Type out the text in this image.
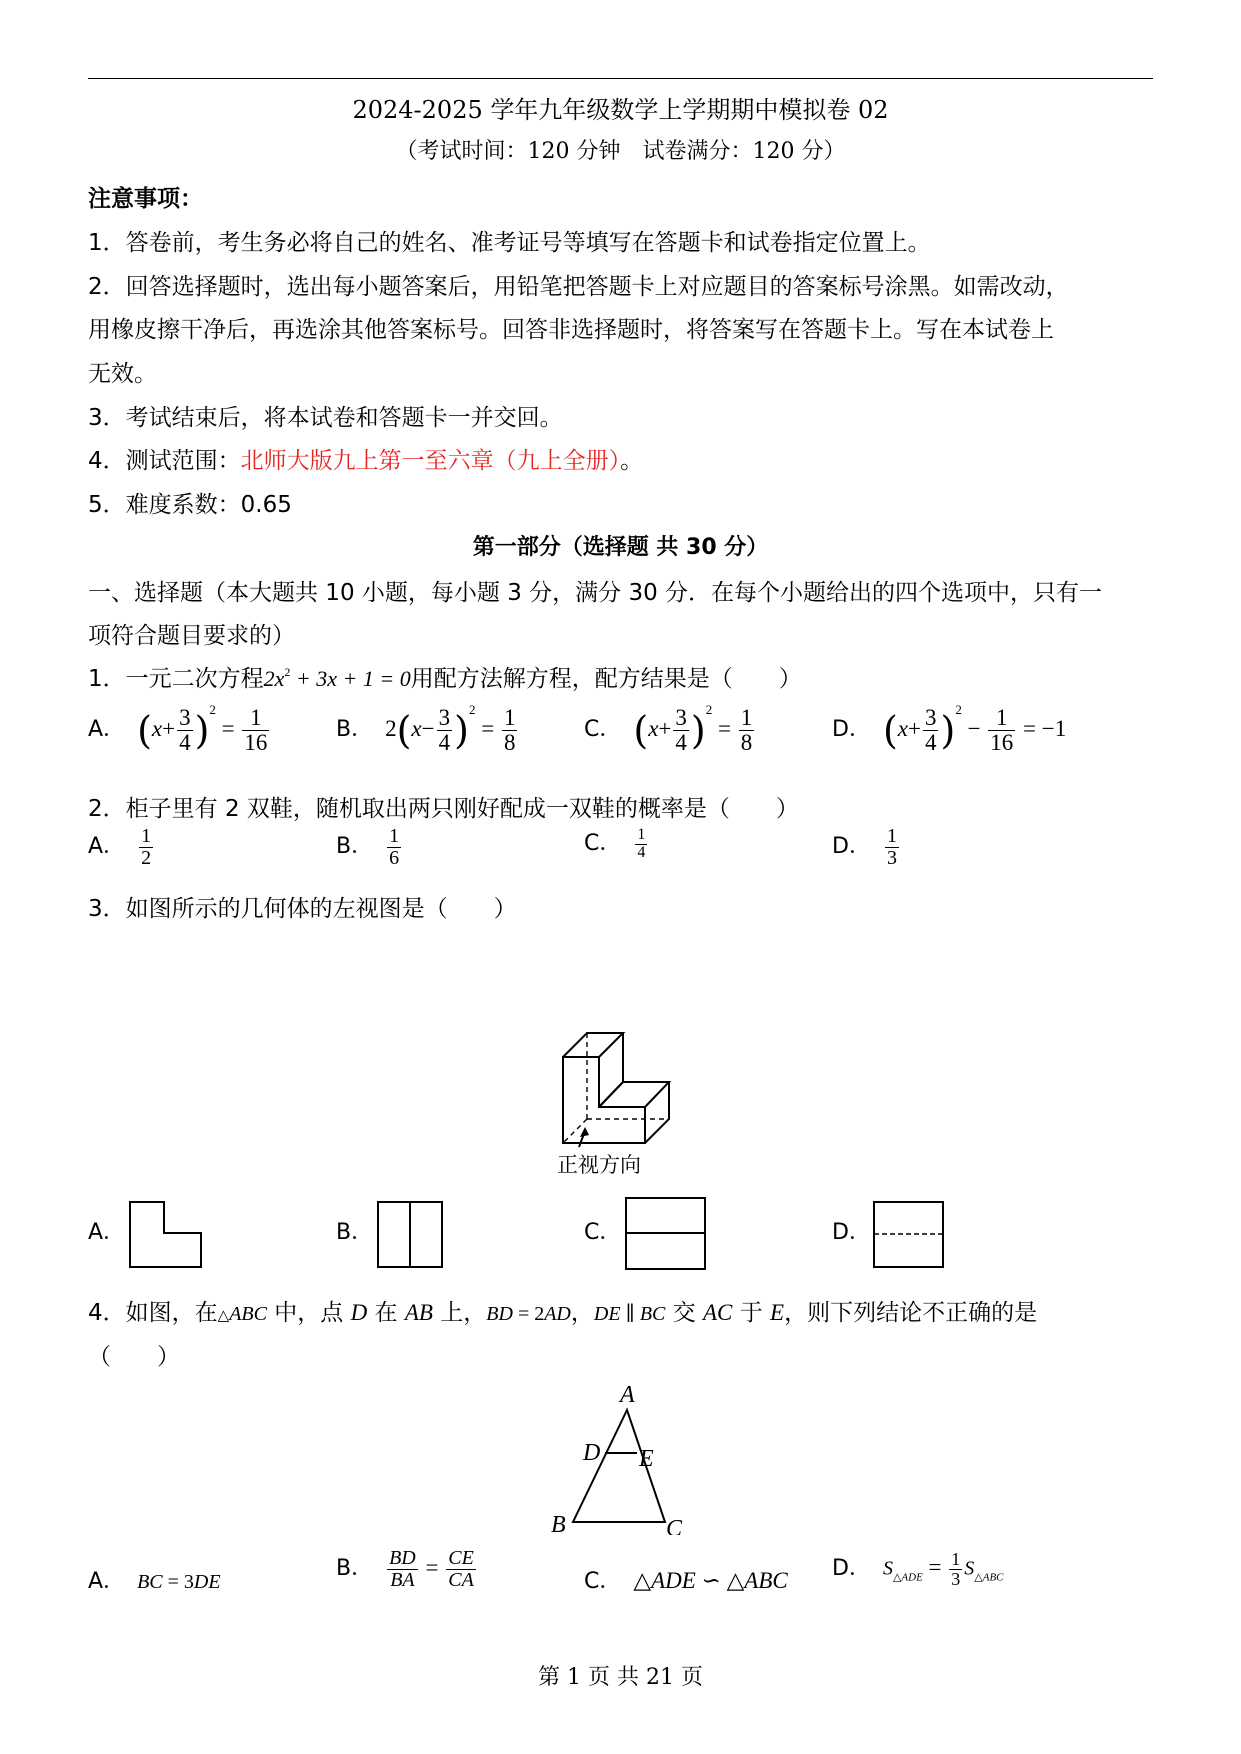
2024-2025 学年九年级数学上学期期中模拟卷 02
（考试时间：120 分钟　试卷满分：120 分）
注意事项：
1．答卷前，考生务必将自己的姓名、准考证号等填写在答题卡和试卷指定位置上。
2．回答选择题时，选出每小题答案后，用铅笔把答题卡上对应题目的答案标号涂黑。如需改动，
用橡皮擦干净后，再选涂其他答案标号。回答非选择题时，将答案写在答题卡上。写在本试卷上
无效。
3．考试结束后，将本试卷和答题卡一并交回。
4．测试范围：北师大版九上第一至六章（九上全册）。
5．难度系数：0.65
第一部分（选择题 共 30 分）
一、选择题（本大题共 10 小题，每小题 3 分，满分 30 分．在每个小题给出的四个选项中，只有一
项符合题目要求的）
1．一元二次方程$2x^2 + 3x + 1 = 0$用配方法解方程，配方结果是（　　）
A． $(x+ \frac{3}{4} )^2 = \frac{1}{16}$	B． $2(x- \frac{3}{4} )^2 = \frac{1}{8}$	C． $(x+ \frac{3}{4} )^2 = \frac{1}{8}$	D． $(x+ \frac{3}{4} )^2 - \frac{1}{16} = -1$
2．柜子里有 2 双鞋，随机取出两只刚好配成一双鞋的概率是（　　）
A． $\frac{1}{2}$	B． $\frac{1}{6}$	C． $\frac{1}{4}$	D． $\frac{1}{3}$
3．如图所示的几何体的左视图是（　　）
正视方向
A．	B．	C．	D．
4．如图，在△ABC 中，点 D 在 AB 上，BD = 2AD，DE ∥ BC 交 AC 于 E，则下列结论不正确的是
（　　）
A
D E
B	C
A． BC = 3DE
B． $\frac{BD}{BA} = \frac{CE}{CA}$	C． △ADE ∽ △ABC D． $S_{\triangle ADE} = \frac{1}{3} S_{\triangle ABC}$
第 1 页 共 21 页
